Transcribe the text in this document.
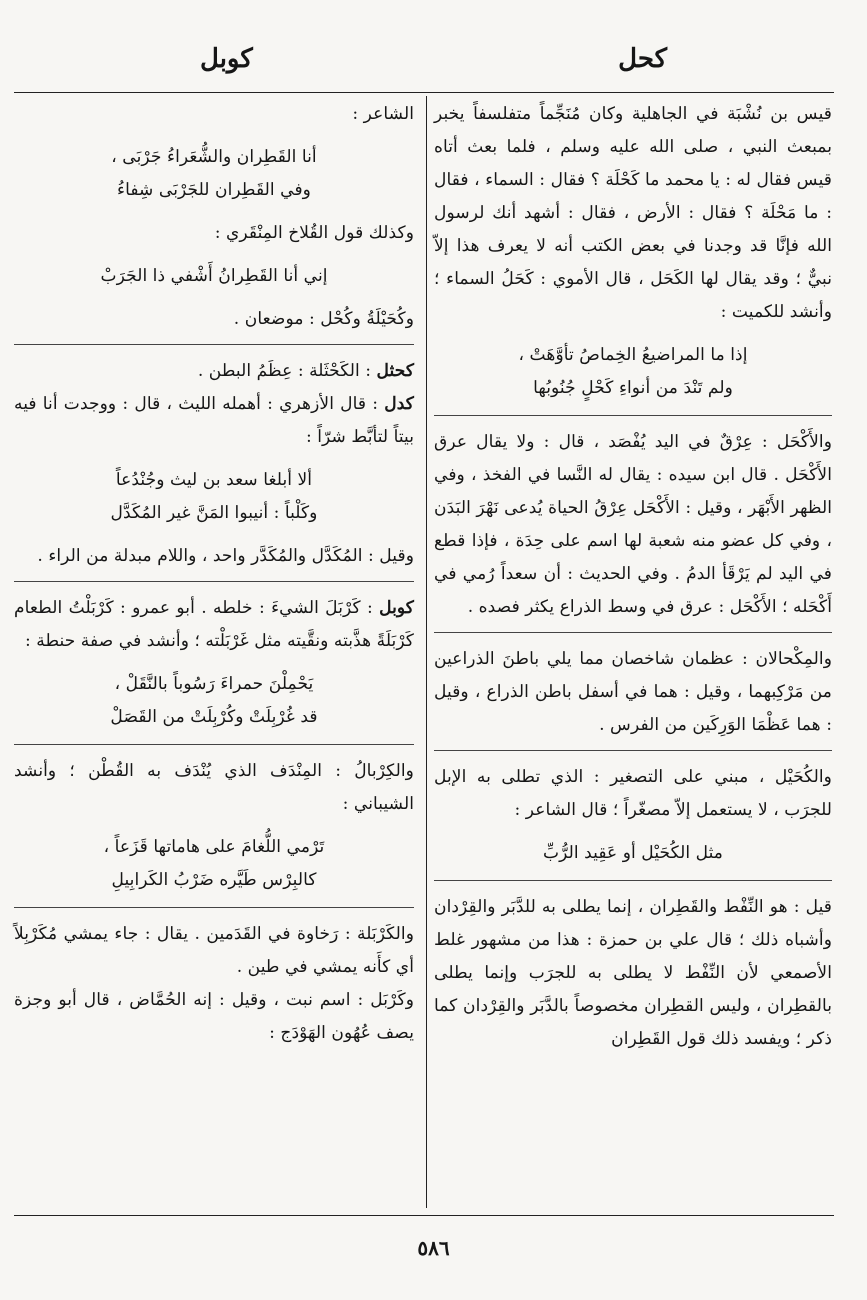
كحل
كوبل

قيس بن نُشْبَة في الجاهلية وكان مُنَجِّماً متفلسفاً يخبر بمبعث النبي ، صلى الله عليه وسلم ، فلما بعث أتاه قيس فقال له : يا محمد ما كَحْلَة ؟ فقال : السماء ، فقال : ما مَحْلَة ؟ فقال : الأرض ، فقال : أشهد أنك لرسول الله فإنَّا قد وجدنا في بعض الكتب أنه لا يعرف هذا إلاّ نبيٌّ ؛ وقد يقال لها الكَحَل ، قال الأموي : كَحَلُ السماء ؛ وأنشد للكميت :

إذا ما المراضيعُ الخِماصُ تأوَّهَتْ ،

ولم تَنْدَ من أنواءِ كَحْلٍ جُنُوبُها

والأَكْحَل : عِرْقٌ في اليد يُفْصَد ، قال : ولا يقال عرق الأَكْحَل . قال ابن سيده : يقال له النَّسا في الفخذ ، وفي الظهر الأَبْهَر ، وقيل : الأَكْحَل عِرْقُ الحياة يُدعى نَهْرَ البَدَن ، وفي كل عضو منه شعبة لها اسم على حِدَة ، فإذا قطع في اليد لم يَرْقَأ الدمُ . وفي الحديث : أن سعداً رُمي في أَكْحَله ؛ الأَكْحَل : عرق في وسط الذراع يكثر فصده .

والمِكْحالان : عظمان شاخصان مما يلي باطنَ الذراعين من مَرْكِبهما ، وقيل : هما في أسفل باطن الذراع ، وقيل : هما عَظْمَا الوَرِكَين من الفرس .

والكُحَيْل ، مبني على التصغير : الذي تطلى به الإبل للجرَب ، لا يستعمل إلاّ مصغّراً ؛ قال الشاعر :

مثل الكُحَيْل أو عَقِيد الرُّبِّ

قيل : هو النِّفْط والقَطِران ، إنما يطلى به للدَّبَر والقِرْدان وأشباه ذلك ؛ قال علي بن حمزة : هذا من مشهور غلط الأصمعي لأن النِّفْط لا يطلى به للجرَب وإنما يطلى بالقطِران ، وليس القطِران مخصوصاً بالدَّبَر والقِرْدان كما ذكر ؛ ويفسد ذلك قول القَطِران

الشاعر :

أنا القَطِران والشُّعَراءُ جَرْبَى ،

وفي القَطِران للجَرْبَى شِفاءُ

وكذلك قول القُلاخ المِنْقَري :

إني أنا القَطِرانُ أَشْفي ذا الجَرَبْ

وكُحَيْلَةُ وكُحْل : موضعان .

كحثل : الكَحْثَلة : عِظَمُ البطن .

كدل : قال الأزهري : أهمله الليث ، قال : ووجدت أنا فيه بيتاً لتأبَّط شرّاً :

ألا أبلغا سعد بن ليث وجُنْدُعاً

وكَلْباً : أنيبوا المَنَّ غير المُكَدَّل

وقيل : المُكَدَّل والمُكَدَّر واحد ، واللام مبدلة من الراء .

كوبل : كَرْبَلَ الشيءَ : خلطه . أبو عمرو : كَرْبَلْتُ الطعام كَرْبَلَةً هذَّبته ونقَّيته مثل غَرْبَلْته ؛ وأنشد في صفة حنطة :

يَحْمِلْنَ حمراءَ رَسُوباً بالنَّقَلْ ،

قد غُرْبِلَتْ وكُرْبِلَتْ من القَصَلْ

والكِرْبالُ : المِنْدَف الذي يُنْدَف به القُطْن ؛ وأنشد الشيباني :

تَرْمي اللُّغامَ على هاماتها قَزَعاً ،

كالبِرْس طَيَّره ضَرْبُ الكَرابِيلِ

والكَرْبَلة : رَخاوة في القَدَمين . يقال : جاء يمشي مُكَرْبِلاً أي كأَنه يمشي في طين .

وكَرْبَل : اسم نبت ، وقيل : إنه الحُمَّاض ، قال أبو وجزة يصف عُهُون الهَوْدَج :

٥٨٦
